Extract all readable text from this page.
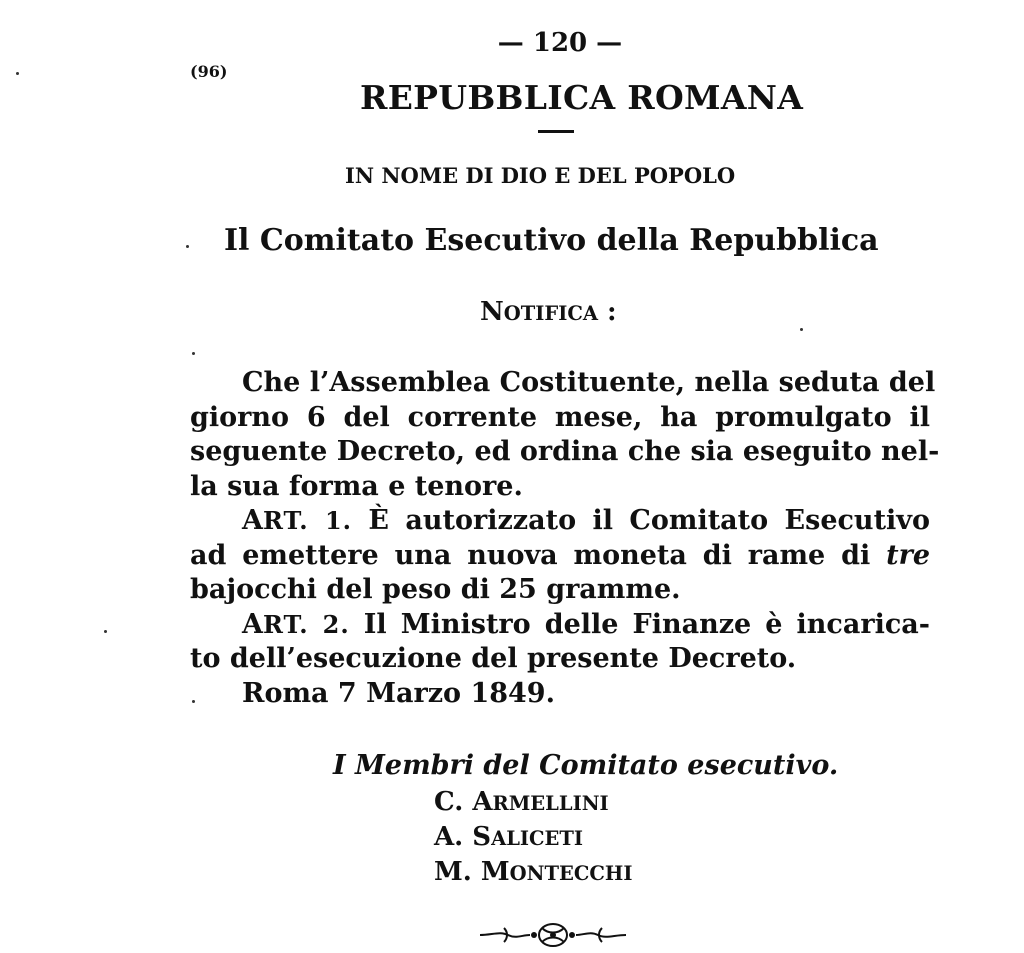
— 120 —
(96)
REPUBBLICA ROMANA
IN NOME DI DIO E DEL POPOLO
Il Comitato Esecutivo della Repubblica
NOTIFICA :
Che l’Assemblea Costituente, nella seduta del
giorno 6 del corrente mese, ha promulgato il
seguente Decreto, ed ordina che sia eseguito nel-
la sua forma e tenore.
ART. 1. È autorizzato il Comitato Esecutivo
ad emettere una nuova moneta di rame di tre
bajocchi del peso di 25 gramme.
ART. 2. Il Ministro delle Finanze è incarica-
to dell’esecuzione del presente Decreto.
Roma 7 Marzo 1849.
I Membri del Comitato esecutivo.
C. ARMELLINI
A. SALICETI
M. MONTECCHI
